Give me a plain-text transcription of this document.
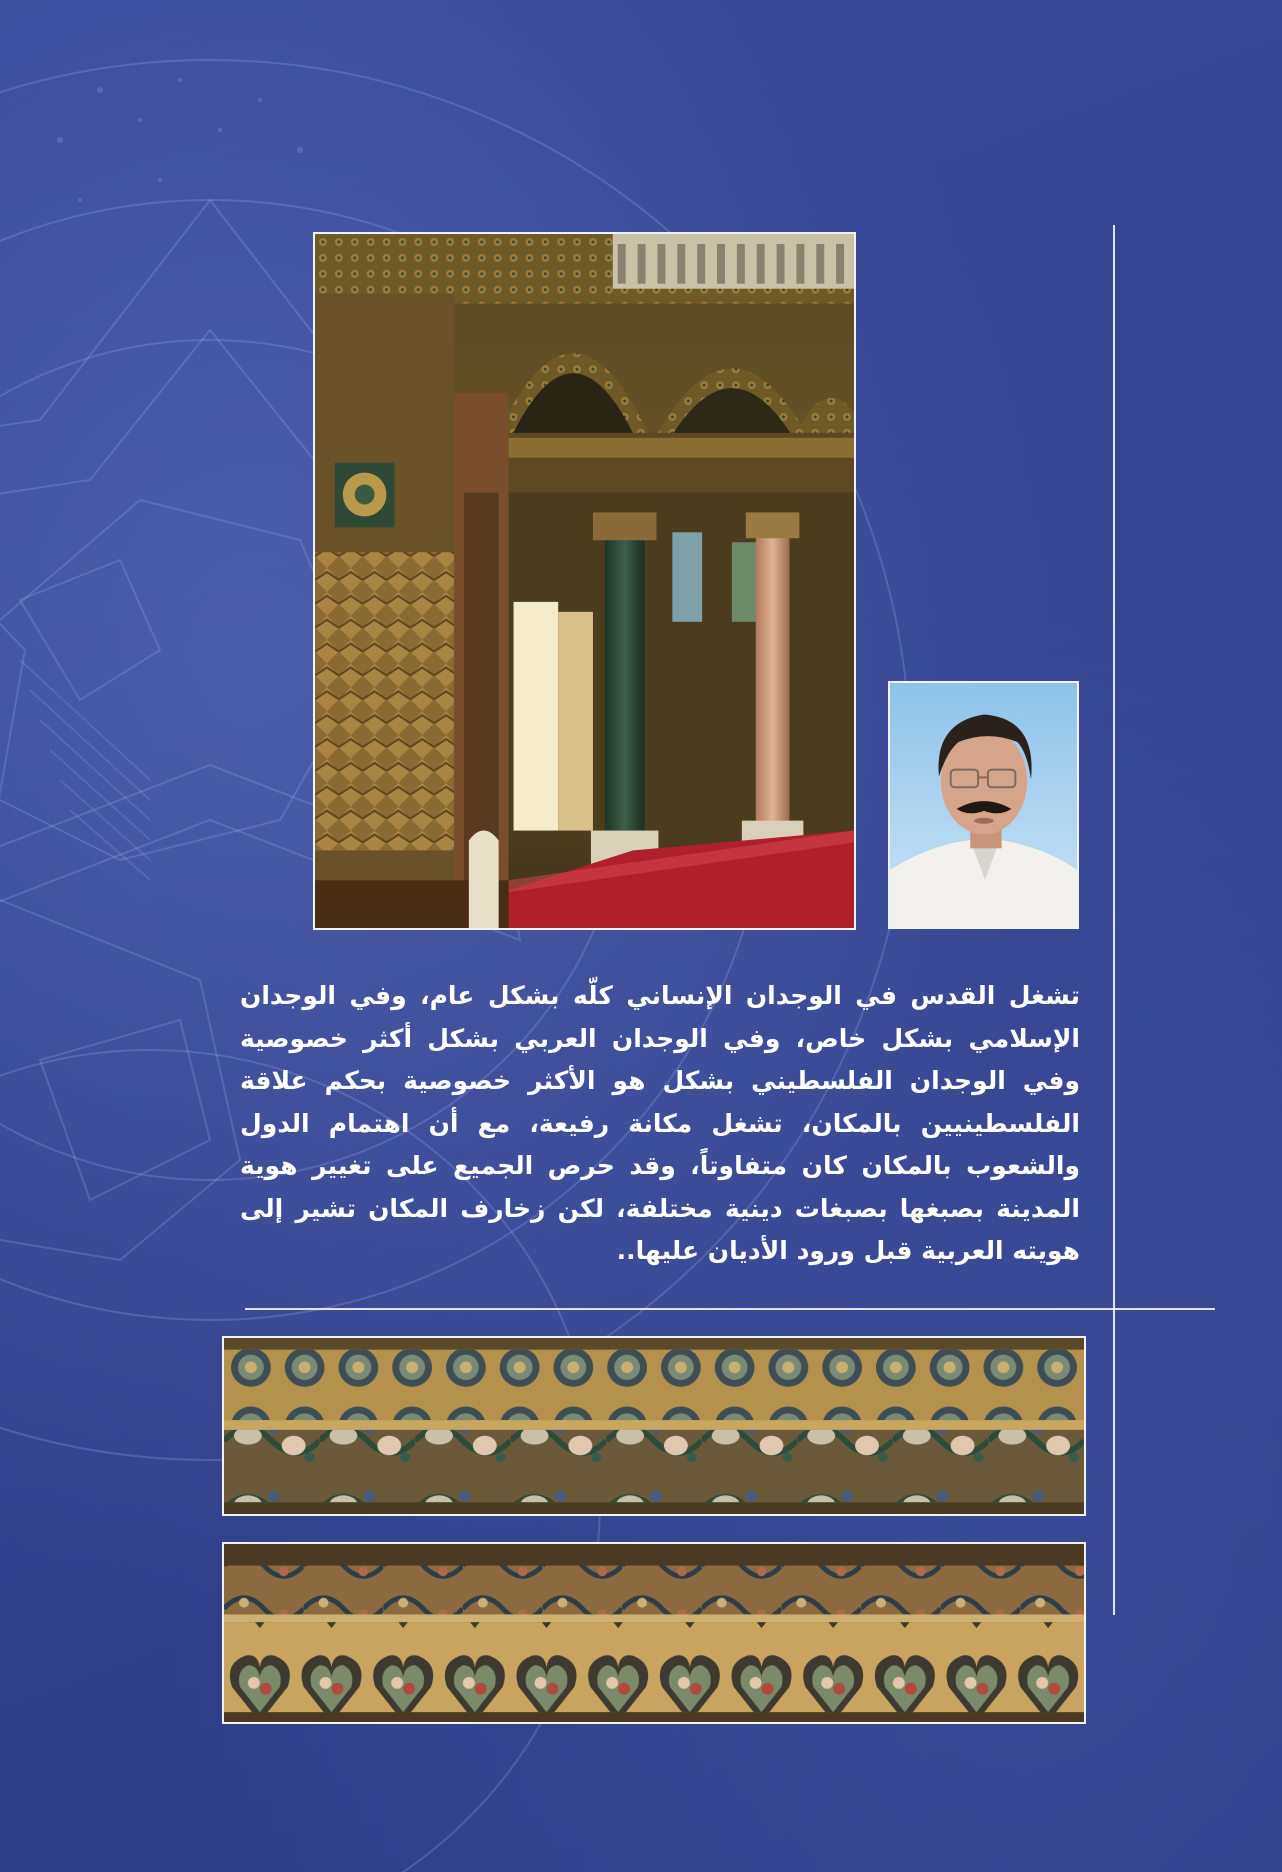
تشغل القدس في الوجدان الإنساني كلّه بشكل عام، وفي الوجدان الإسلامي بشكل خاص، وفي الوجدان العربي بشكل أكثر خصوصية وفي الوجدان الفلسطيني بشكل هو الأكثر خصوصية بحكم علاقة الفلسطينيين بالمكان، تشغل مكانة رفيعة، مع أن اهتمام الدول والشعوب بالمكان كان متفاوتاً، وقد حرص الجميع على تغيير هوية المدينة بصبغها بصبغات دينية مختلفة، لكن زخارف المكان تشير إلى هويته العربية قبل ورود الأديان عليها..
